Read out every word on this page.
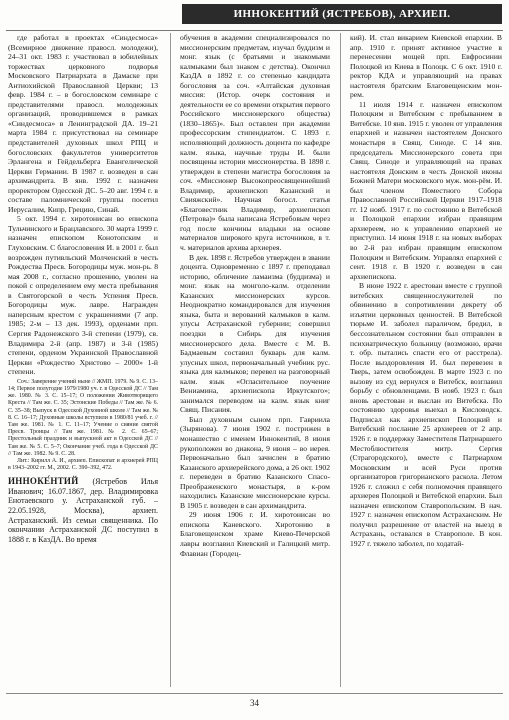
ИННОКЕНТИЙ (ЯСТРЕБОВ), АРХИЕП.

где работал в проектах «Синдесмоса» (Всемирное движение правосл. молодежи), 24–31 окт. 1983 г. участвовал в юбилейных торжествах церковного подворья Московского Патриархата в Дамаске при Антиохийской Православной Церкви; 13 февр. 1984 г. – в богословском семинаре с представителями правосл. молодежных организаций, проводившемся в рамках «Синдесмоса» в Ленинградской ДА. 19–21 марта 1984 г. присутствовал на семинаре представителей духовных школ РПЦ и богословских факультетов университетов Эрлангена и Гейдельберга Евангелической Церкви Германии. В 1987 г. возведен в сан архимандрита. В янв. 1992 г. назначен проректором Одесской ДС. 5–20 авг. 1994 г. в составе паломнической группы посетил Иерусалим, Кипр, Грецию, Синай.

5 окт. 1994 г. хиротонисан во епископа Тульчинского и Брацлавского. 30 марта 1999 г. назначен епископом Конотопским и Глуховским. С благословения И. в 2001 г. был возрожден путивльский Молченский в честь Рождества Пресв. Богородицы муж. мон-рь. 8 мая 2008 г., согласно прошению, уволен на покой с определением ему места пребывания в Святогорской в честь Успения Пресв. Богородицы муж. лавре. Награжден наперсным крестом с украшениями (7 апр. 1985; 2-м – 13 дек. 1993), орденами прп. Сергия Радонежского 3-й степени (1979), св. Владимира 2-й (апр. 1987) и 3-й (1985) степени, орденом Украинской Православной Церкви «Рождество Христово – 2000» 1-й степени.

Соч.: Заверение учений ныне // ЖМП. 1979. № 9. С. 13–14; Первое полугодие 1979/1980 уч. г. в Одесской ДС // Там же. 1980. № 3. С. 15–17; О положении Животворящего Креста // Там же. С. 35; Эстонские Победы // Там же. № 6. С. 35–38; Выпуск в Одесской Духовной школе // Там же. № 8. С. 16–17; Духовные школы вступили в 1980/81 учеб. г. // Там же. 1981. № 1. С. 11–17; Учение о сияние святой Пресв. Троицы // Там же. 1981. № 2. С. 65–67; Престольный праздник и выпускной акт в Одесской ДС // Там же. № 5. С. 5–7; Окончание учеб. года в Одесской ДС // Там же. 1982. № 9. С. 28.

Лит.: Кирилл А. И., архиеп. Епископат и архиерей РПЦ в 1943–2002 гг. М., 2002. С. 390–392, 472.

ИННОКЕ́НТИЙ (Ястребов Илья Иванович; 16.07.1867, дер. Владимировка Енотаевского у. Астраханской губ. – 22.05.1928, Москва), архиеп. Астраханский. Из семьи священника. По окончании Астраханской ДС поступил в 1888 г. в КазДА. Во время

обучения в академии специализировался по миссионерским предметам, изучал буддизм и монг. язык (с братьями и знакомыми калмыками был знаком с детства). Окончил КазДА в 1892 г. со степенью кандидата богословия за соч. «Алтайская духовная миссия: (Истор. очерк состояния и деятельности ее со времени открытия первого Российского миссионерского общества) (1830–1865)». Был оставлен при академии профессорским стипендиатом. С 1893 г. исполняющий должность доцента по кафедре калм. языка, научные труды И. были посвящены истории миссионерства. В 1898 г. утвержден в степени магистра богословия за соч. «Миссионер Высокопреосвященнейший Владимир, архиепископ Казанский и Свияжский». Научная богосл. статья «Благовестник Владимир, архиепископ (Петрова)» была написана Ястребовым через год после кончины владыки на основе материалов широкого круга источников, в т. ч. материалов архива архиерея.

В дек. 1898 г. Ястребов утвержден в звании доцента. Одновременно с 1897 г. преподавал историю, обличение ламаизма (буддизма) и монг. язык на монголо-калм. отделении Казанских миссионерских курсов. Неоднократно командировался для изучения языка, быта и верований калмыков в калм. улусы Астраханской губернии; совершил поездки в Сибирь для изучения миссионерского дела. Вместе с М. В. Бадмаевым составил букварь для калм. улусных школ, первоначальный учебник рус. языка для калмыков; перевел на разговорный калм. язык «Огласительное поучение Вениамина, архиепископа Иркутского»; занимался переводом на калм. язык книг Свящ. Писания.

Был духовным сыном прп. Гавриила (Зырянова). 7 июня 1902 г. пострижен в монашество с именем Иннокентий, 8 июня рукоположен во диакона, 9 июня – во иерея. Первоначально был зачислен в братию Казанского архиерейского дома, а 26 окт. 1902 г. переведен в братию Казанского Спасо-Преображенского монастыря, в к-ром находились Казанские миссионерские курсы. В 1905 г. возведен в сан архимандрита.

29 июня 1906 г. И. хиротонисан во епископа Каневского. Хиротонию в Благовещенском храме Киево-Печерской лавры возглавил Киевский и Галицкий митр. Флавиан (Городец-

кий). И. стал викарием Киевской епархии. В апр. 1910 г. принят активное участие в перенесении мощей прп. Евфросинии Полоцкой из Киева в Полоцк. С 6 окт. 1910 г. ректор КДА и управляющий на правах настоятеля братским Благовещенским мон-рем.

11 июля 1914 г. назначен епископом Полоцким и Витебским с пребыванием в Витебске. 10 янв. 1915 г. уволен от управления епархией и назначен настоятелем Донского монастыря в Свящ. Синоде. С 14 янв. председатель Миссионерского совета при Свящ. Синоде и управляющий на правах настоятеля Донским в честь Донской иконы Божией Матери московского муж. мон-рём. И. был членом Поместного Собора Православной Российской Церкви 1917–1918 гг. 12 нояб. 1917 г. по состоянию в Витебской и Полоцкой епархии избран правящим архиереем, но к управлению епархией не приступил. 14 июня 1918 г. на новых выборах во 2-й раз избран правящим епископом Полоцким и Витебским. Управлял епархией с сент. 1918 г. В 1920 г. возведен в сан архиепископа.

В июне 1922 г. арестован вместе с группой витебских священнослужителей по обвинению в сопротивлении декрету об изъятии церковных ценностей. В Витебской тюрьме И. заболел параличом, бредил, в бессознательном состоянии был отправлен в психиатрическую больницу (возможно, врачи т. обр. пытались спасти его от расстрела). После выздоровления И. был перевезен в Тверь, затем освобожден. В марте 1923 г. по вызову из суд вернулся в Витебск, возглавил борьбу с обновленцами. В нояб. 1923 г. был вновь арестован и выслан из Витебска. По состоянию здоровья выехал в Кисловодск. Подписал как архиепископ Полоцкий и Витебский послание 25 архиереев от 2 апр. 1926 г. в поддержку Заместителя Патриаршего Местоблюстителя митр. Сергия (Страгородского), вместе с Патриархом Московским и всей Руси против организаторов григорианского раскола. Летом 1926 г. сложил с себя полномочия правящего архиерея Полоцкой и Витебской епархии. Был назначен епископом Ставропольским. В нач. 1927 г. назначен епископом Астраханским. Не получил разрешение от властей на выезд в Астрахань, оставался в Ставрополе. В кон. 1927 г. тяжело заболел, по ходатай-

34
